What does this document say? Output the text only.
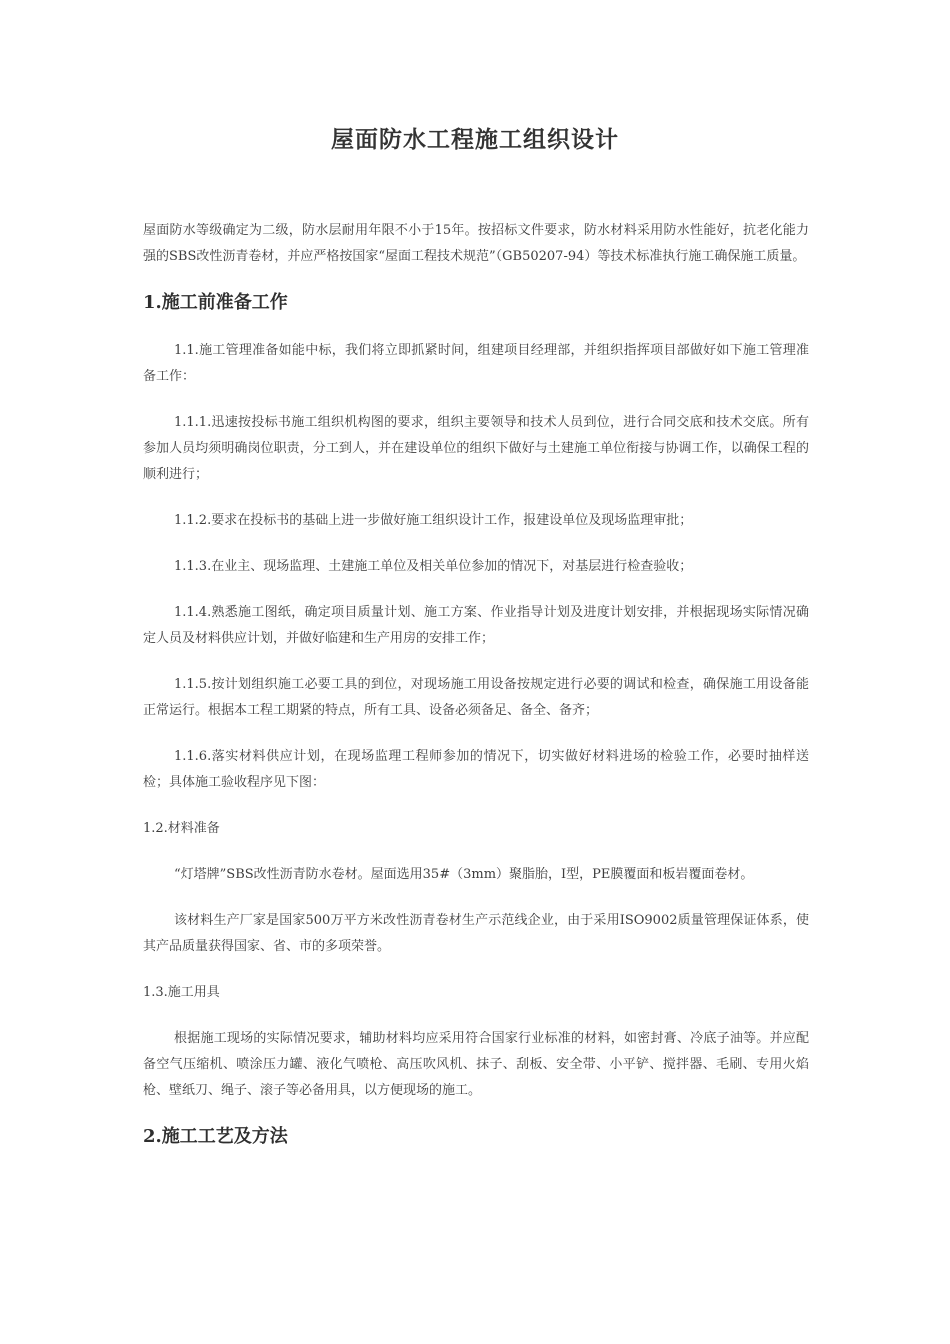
屋面防水工程施工组织设计

屋面防水等级确定为二级，防水层耐用年限不小于15年。按招标文件要求，防水材料采用防水性能好，抗老化能力强的SBS改性沥青卷材，并应严格按国家“屋面工程技术规范”（GB50207-94）等技术标准执行施工确保施工质量。

1.施工前准备工作

1.1.施工管理准备如能中标，我们将立即抓紧时间，组建项目经理部，并组织指挥项目部做好如下施工管理准备工作：

1.1.1.迅速按投标书施工组织机构图的要求，组织主要领导和技术人员到位，进行合同交底和技术交底。所有参加人员均须明确岗位职责，分工到人，并在建设单位的组织下做好与土建施工单位衔接与协调工作，以确保工程的顺利进行；

1.1.2.要求在投标书的基础上进一步做好施工组织设计工作，报建设单位及现场监理审批；

1.1.3.在业主、现场监理、土建施工单位及相关单位参加的情况下，对基层进行检查验收；

1.1.4.熟悉施工图纸，确定项目质量计划、施工方案、作业指导计划及进度计划安排，并根据现场实际情况确定人员及材料供应计划，并做好临建和生产用房的安排工作；

1.1.5.按计划组织施工必要工具的到位，对现场施工用设备按规定进行必要的调试和检查，确保施工用设备能正常运行。根据本工程工期紧的特点，所有工具、设备必须备足、备全、备齐；

1.1.6.落实材料供应计划，在现场监理工程师参加的情况下，切实做好材料进场的检验工作，必要时抽样送检；具体施工验收程序见下图：

1.2.材料准备

“灯塔牌”SBS改性沥青防水卷材。屋面选用35#（3mm）聚脂胎，I型，PE膜覆面和板岩覆面卷材。

该材料生产厂家是国家500万平方米改性沥青卷材生产示范线企业，由于采用ISO9002质量管理保证体系，使其产品质量获得国家、省、市的多项荣誉。

1.3.施工用具

根据施工现场的实际情况要求，辅助材料均应采用符合国家行业标准的材料，如密封膏、冷底子油等。并应配备空气压缩机、喷涂压力罐、液化气喷枪、高压吹风机、抹子、刮板、安全带、小平铲、搅拌器、毛刷、专用火焰枪、壁纸刀、绳子、滚子等必备用具，以方便现场的施工。

2.施工工艺及方法
